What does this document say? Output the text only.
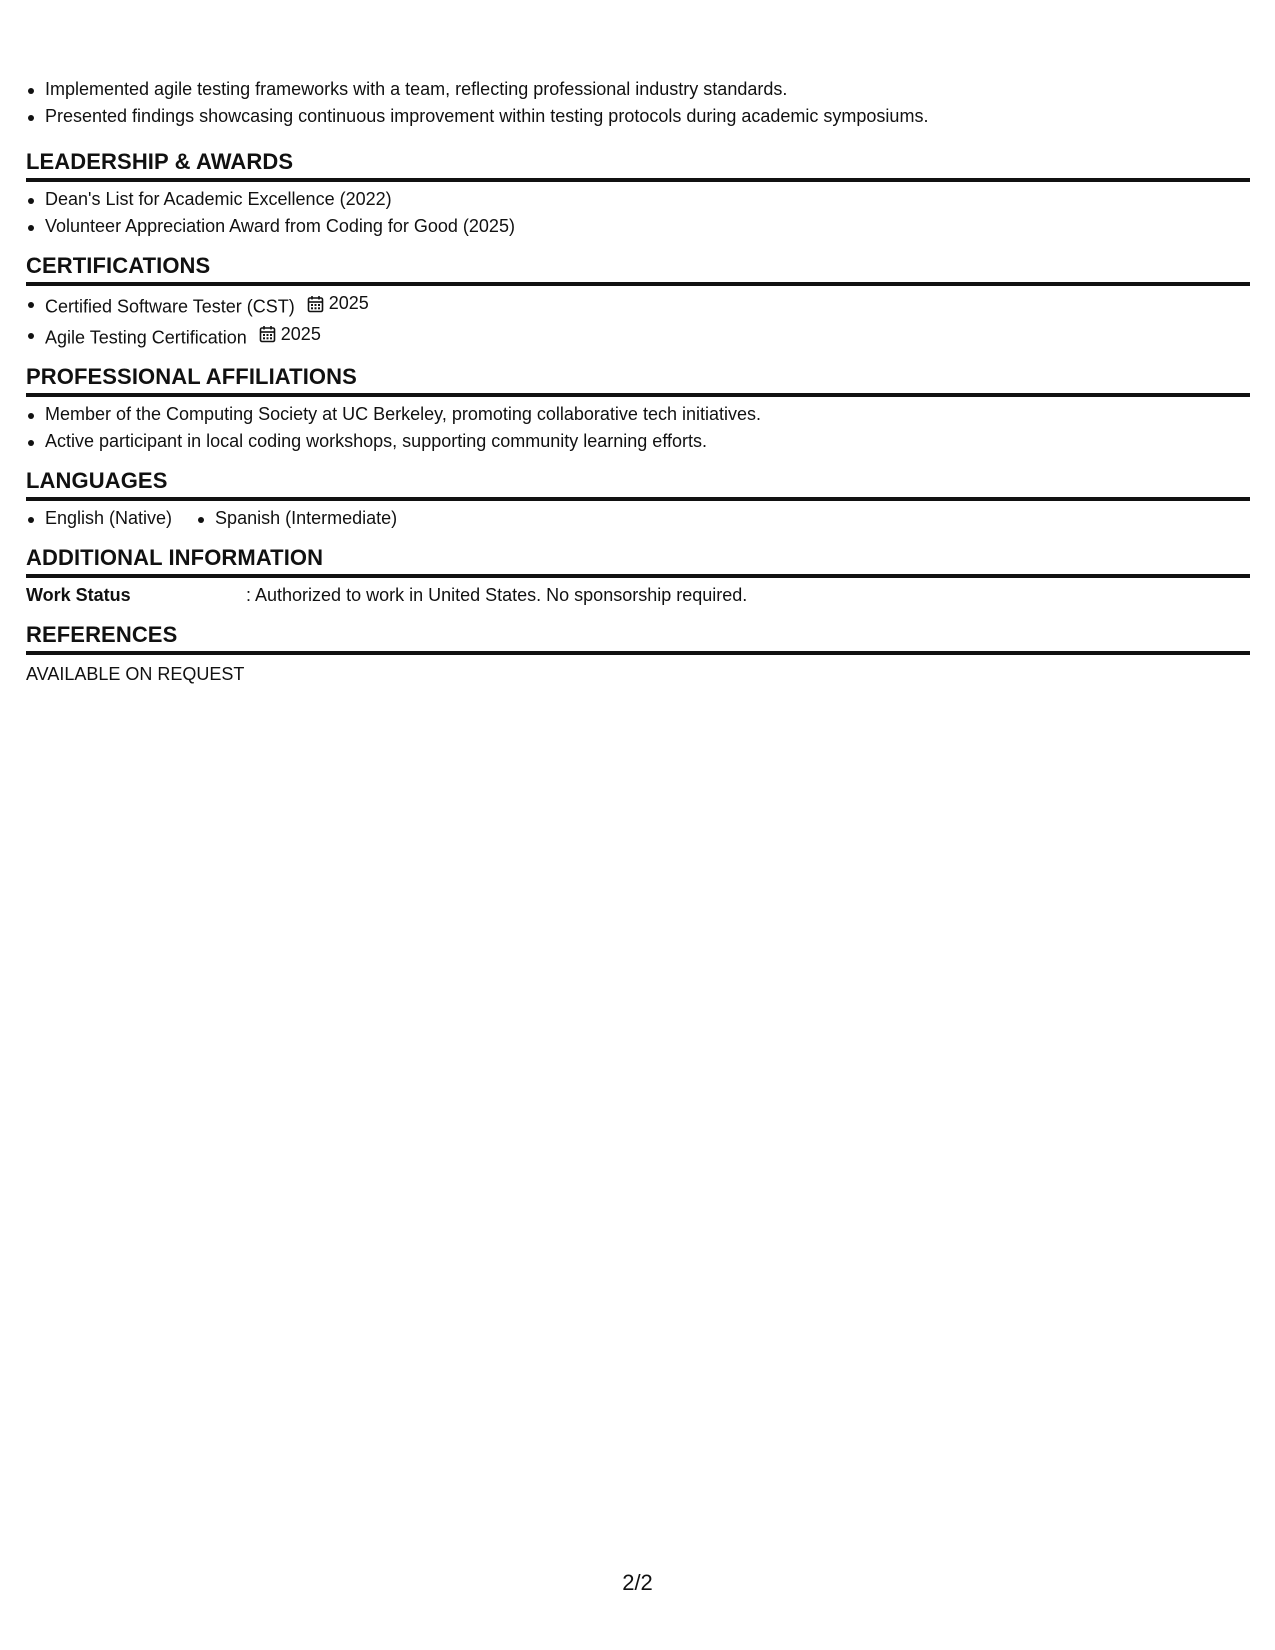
Implemented agile testing frameworks with a team, reflecting professional industry standards.
Presented findings showcasing continuous improvement within testing protocols during academic symposiums.
LEADERSHIP & AWARDS
Dean's List for Academic Excellence (2022)
Volunteer Appreciation Award from Coding for Good (2025)
CERTIFICATIONS
Certified Software Tester (CST) 2025
Agile Testing Certification 2025
PROFESSIONAL AFFILIATIONS
Member of the Computing Society at UC Berkeley, promoting collaborative tech initiatives.
Active participant in local coding workshops, supporting community learning efforts.
LANGUAGES
English (Native)	Spanish (Intermediate)
ADDITIONAL INFORMATION
Work Status	: Authorized to work in United States. No sponsorship required.
REFERENCES
AVAILABLE ON REQUEST
2/2
